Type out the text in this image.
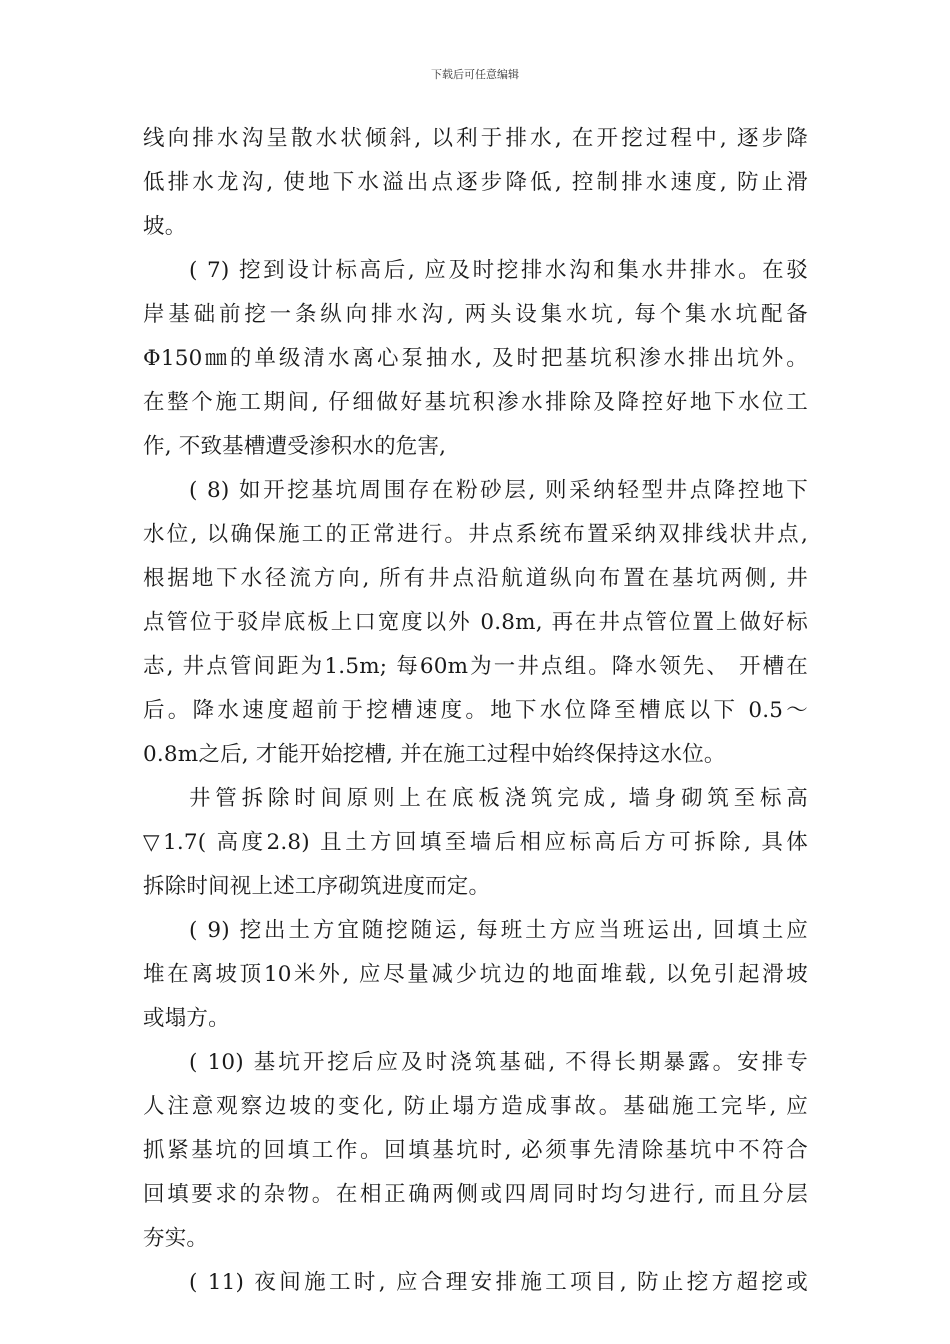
下载后可任意编辑
线向排水沟呈散水状倾斜, 以利于排水, 在开挖过程中, 逐步降
低排水龙沟, 使地下水溢出点逐步降低, 控制排水速度, 防止滑
坡。
( 7) 挖到设计标高后, 应及时挖排水沟和集水井排水。在驳
岸基础前挖一条纵向排水沟, 两头设集水坑, 每个集水坑配备
Φ150㎜的单级清水离心泵抽水, 及时把基坑积渗水排出坑外。
在整个施工期间, 仔细做好基坑积渗水排除及降控好地下水位工
作, 不致基槽遭受渗积水的危害,
( 8) 如开挖基坑周围存在粉砂层, 则采纳轻型井点降控地下
水位, 以确保施工的正常进行。井点系统布置采纳双排线状井点,
根据地下水径流方向, 所有井点沿航道纵向布置在基坑两侧, 井
点管位于驳岸底板上口宽度以外 0.8m, 再在井点管位置上做好标
志, 井点管间距为1.5m; 每60m为一井点组。降水领先、 开槽在
后。降水速度超前于挖槽速度。地下水位降至槽底以下 0.5～
0.8m之后, 才能开始挖槽, 并在施工过程中始终保持这水位。
井管拆除时间原则上在底板浇筑完成, 墙身砌筑至标高
▽1.7( 高度2.8) 且土方回填至墙后相应标高后方可拆除, 具体
拆除时间视上述工序砌筑进度而定。
( 9) 挖出土方宜随挖随运, 每班土方应当班运出, 回填土应
堆在离坡顶10米外, 应尽量减少坑边的地面堆载, 以免引起滑坡
或塌方。
( 10) 基坑开挖后应及时浇筑基础, 不得长期暴露。安排专
人注意观察边坡的变化, 防止塌方造成事故。基础施工完毕, 应
抓紧基坑的回填工作。回填基坑时, 必须事先清除基坑中不符合
回填要求的杂物。在相正确两侧或四周同时均匀进行, 而且分层
夯实。
( 11) 夜间施工时, 应合理安排施工项目, 防止挖方超挖或
